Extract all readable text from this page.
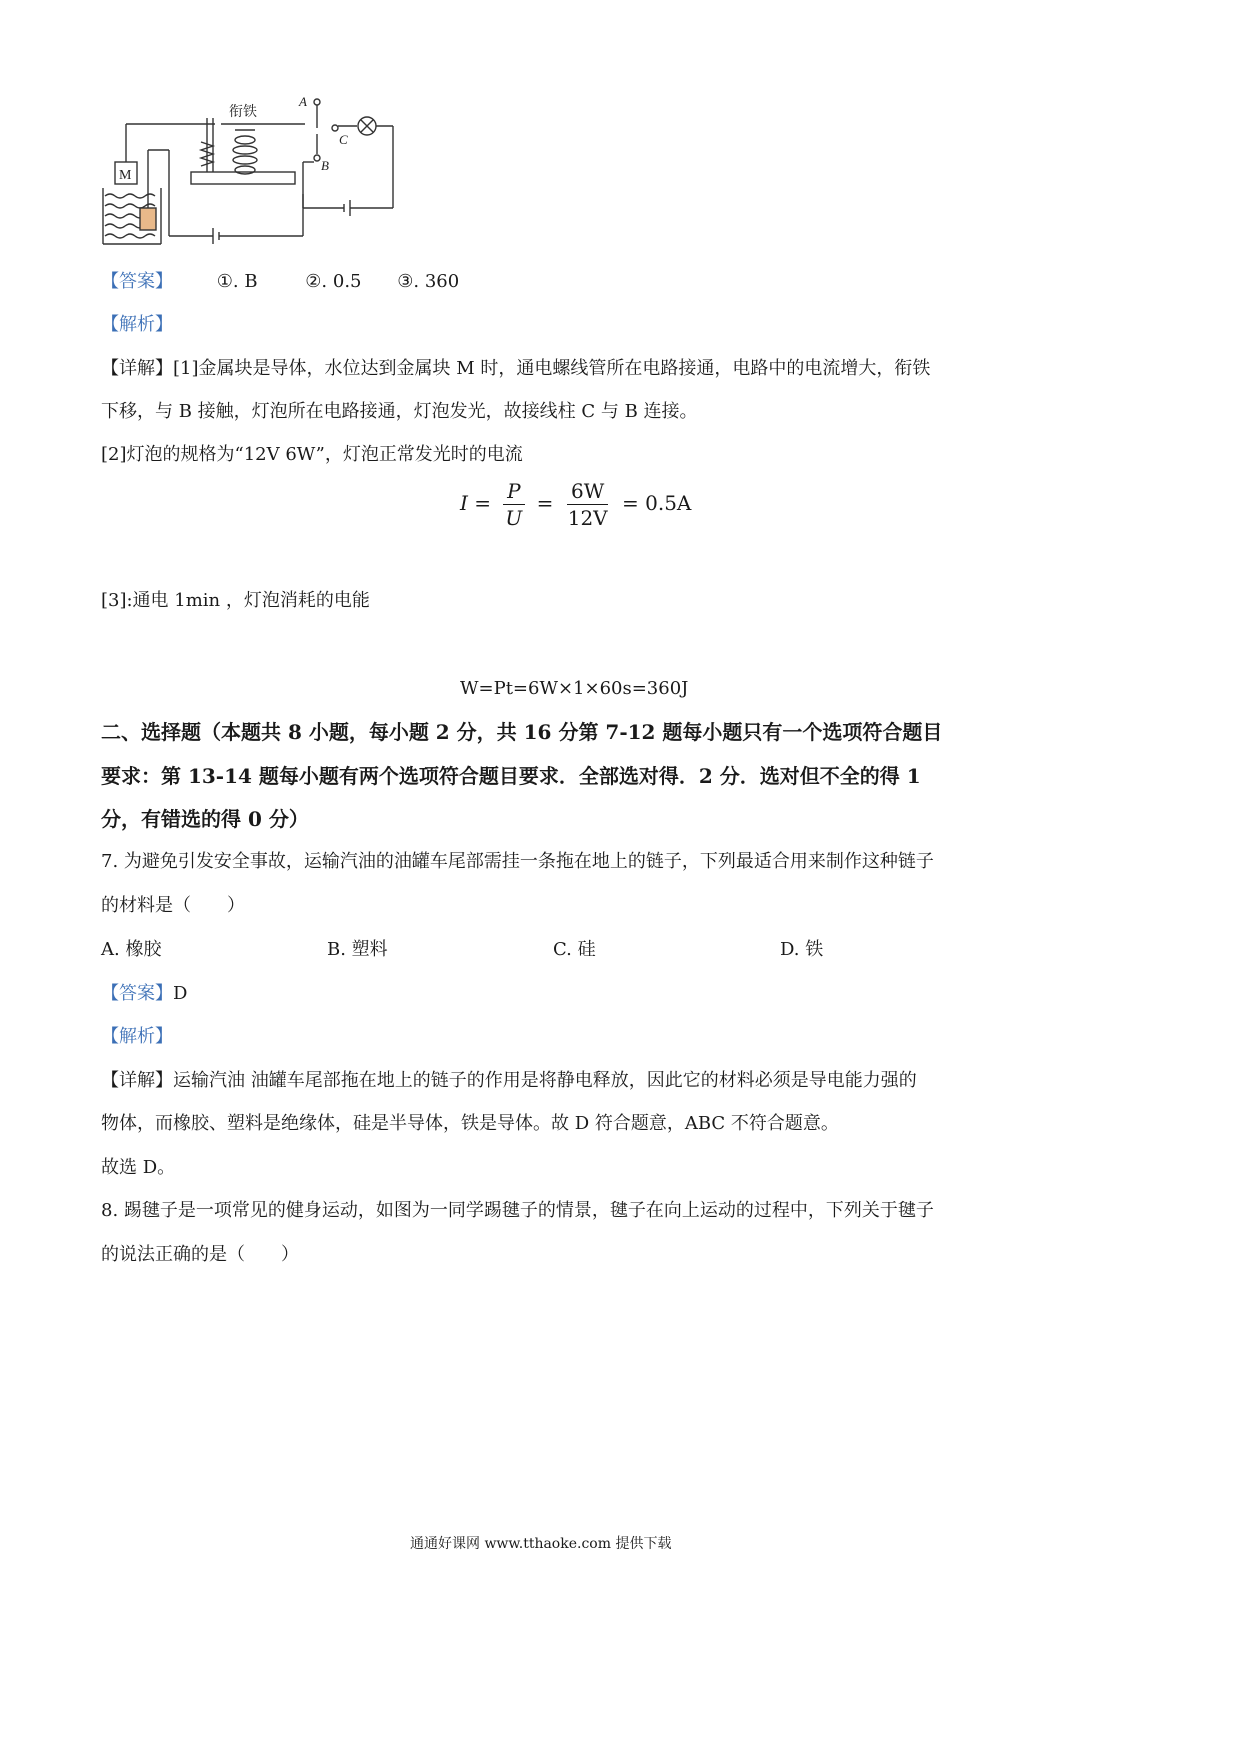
衔铁
M
A
C
B
【答案】 ①. B	②. 0.5 ③. 360
【解析】
【详解】[1]金属块是导体，水位达到金属块 M 时，通电螺线管所在电路接通，电路中的电流增大，衔铁
下移，与 B 接触，灯泡所在电路接通，灯泡发光，故接线柱 C 与 B 连接。
[2]灯泡的规格为“12V 6W”，灯泡正常发光时的电流
$I = \frac{P}{U} = \frac{6W}{12V} = 0.5A$
[3]:通电 1min ，灯泡消耗的电能
W=Pt=6W×1×60s=360J
二、选择题（本题共 8 小题，每小题 2 分，共 16 分第 7-12 题每小题只有一个选项符合题目
要求：第 13-14 题每小题有两个选项符合题目要求．全部选对得．2 分．选对但不全的得 1
分，有错选的得 0 分）
7. 为避免引发安全事故，运输汽油的油罐车尾部需挂一条拖在地上的链子，下列最适合用来制作这种链子
的材料是（　　）
A. 橡胶	B. 塑料	C. 硅	D. 铁
【答案】D
【解析】
【详解】运输汽油 油罐车尾部拖在地上的链子的作用是将静电释放，因此它的材料必须是导电能力强的
物体，而橡胶、塑料是绝缘体，硅是半导体，铁是导体。故 D 符合题意，ABC 不符合题意。
故选 D。
8. 踢毽子是一项常见的健身运动，如图为一同学踢毽子的情景，毽子在向上运动的过程中，下列关于毽子
的说法正确的是（　　）
通通好课网 www.tthaoke.com 提供下载
